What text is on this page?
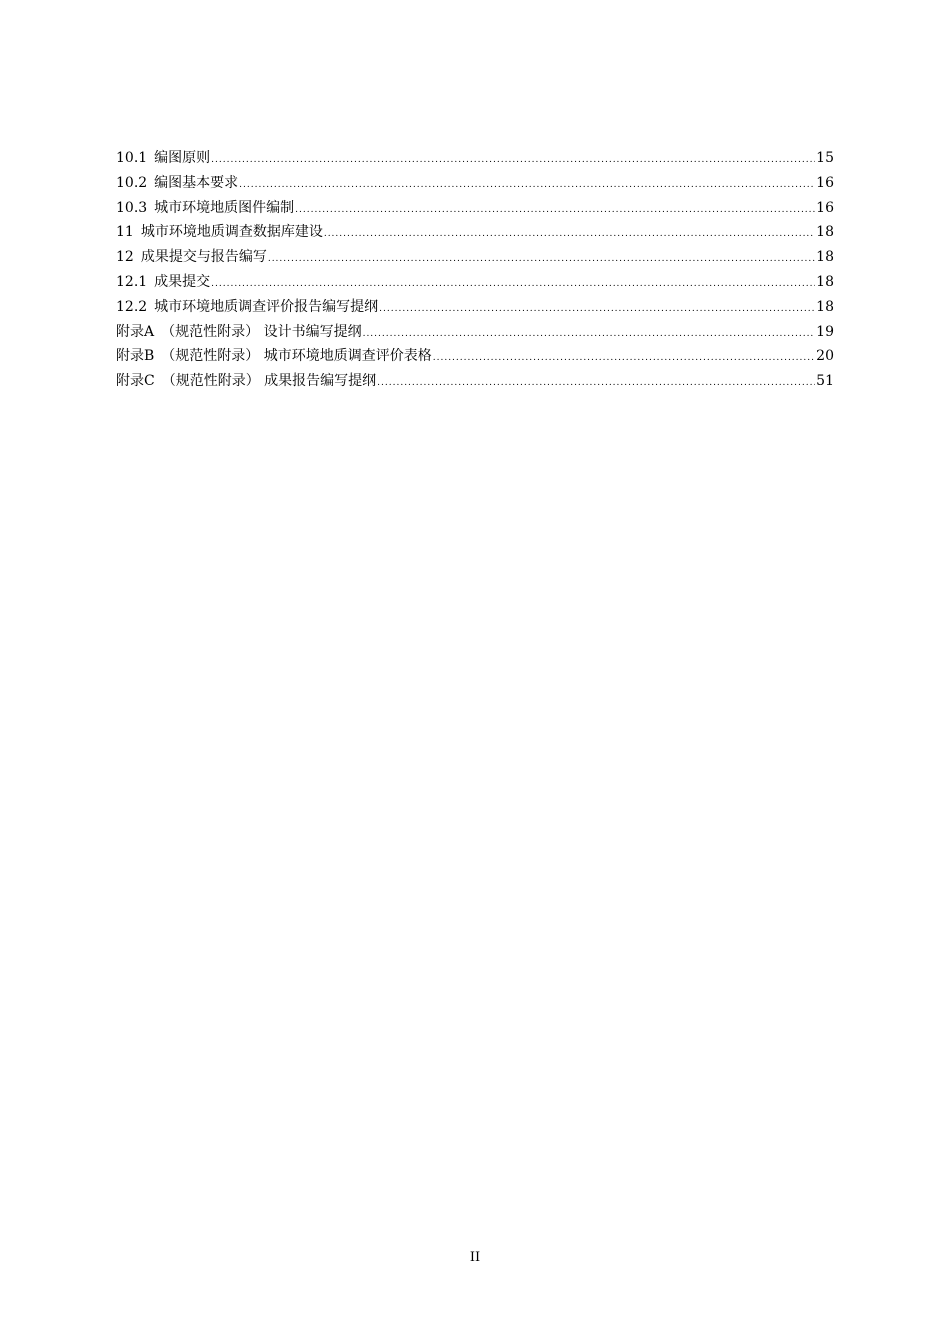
10.1 编图原则 .....	15
10.2 编图基本要求 .....	16
10.3 城市环境地质图件编制 .....	16
11 城市环境地质调查数据库建设 .....	18
12 成果提交与报告编写 .....	18
12.1 成果提交 .....	18
12.2 城市环境地质调查评价报告编写提纲 .....	18
附录A （规范性附录） 设计书编写提纲 .....	19
附录B （规范性附录） 城市环境地质调查评价表格 .....	20
附录C （规范性附录） 成果报告编写提纲 .....	51
II
